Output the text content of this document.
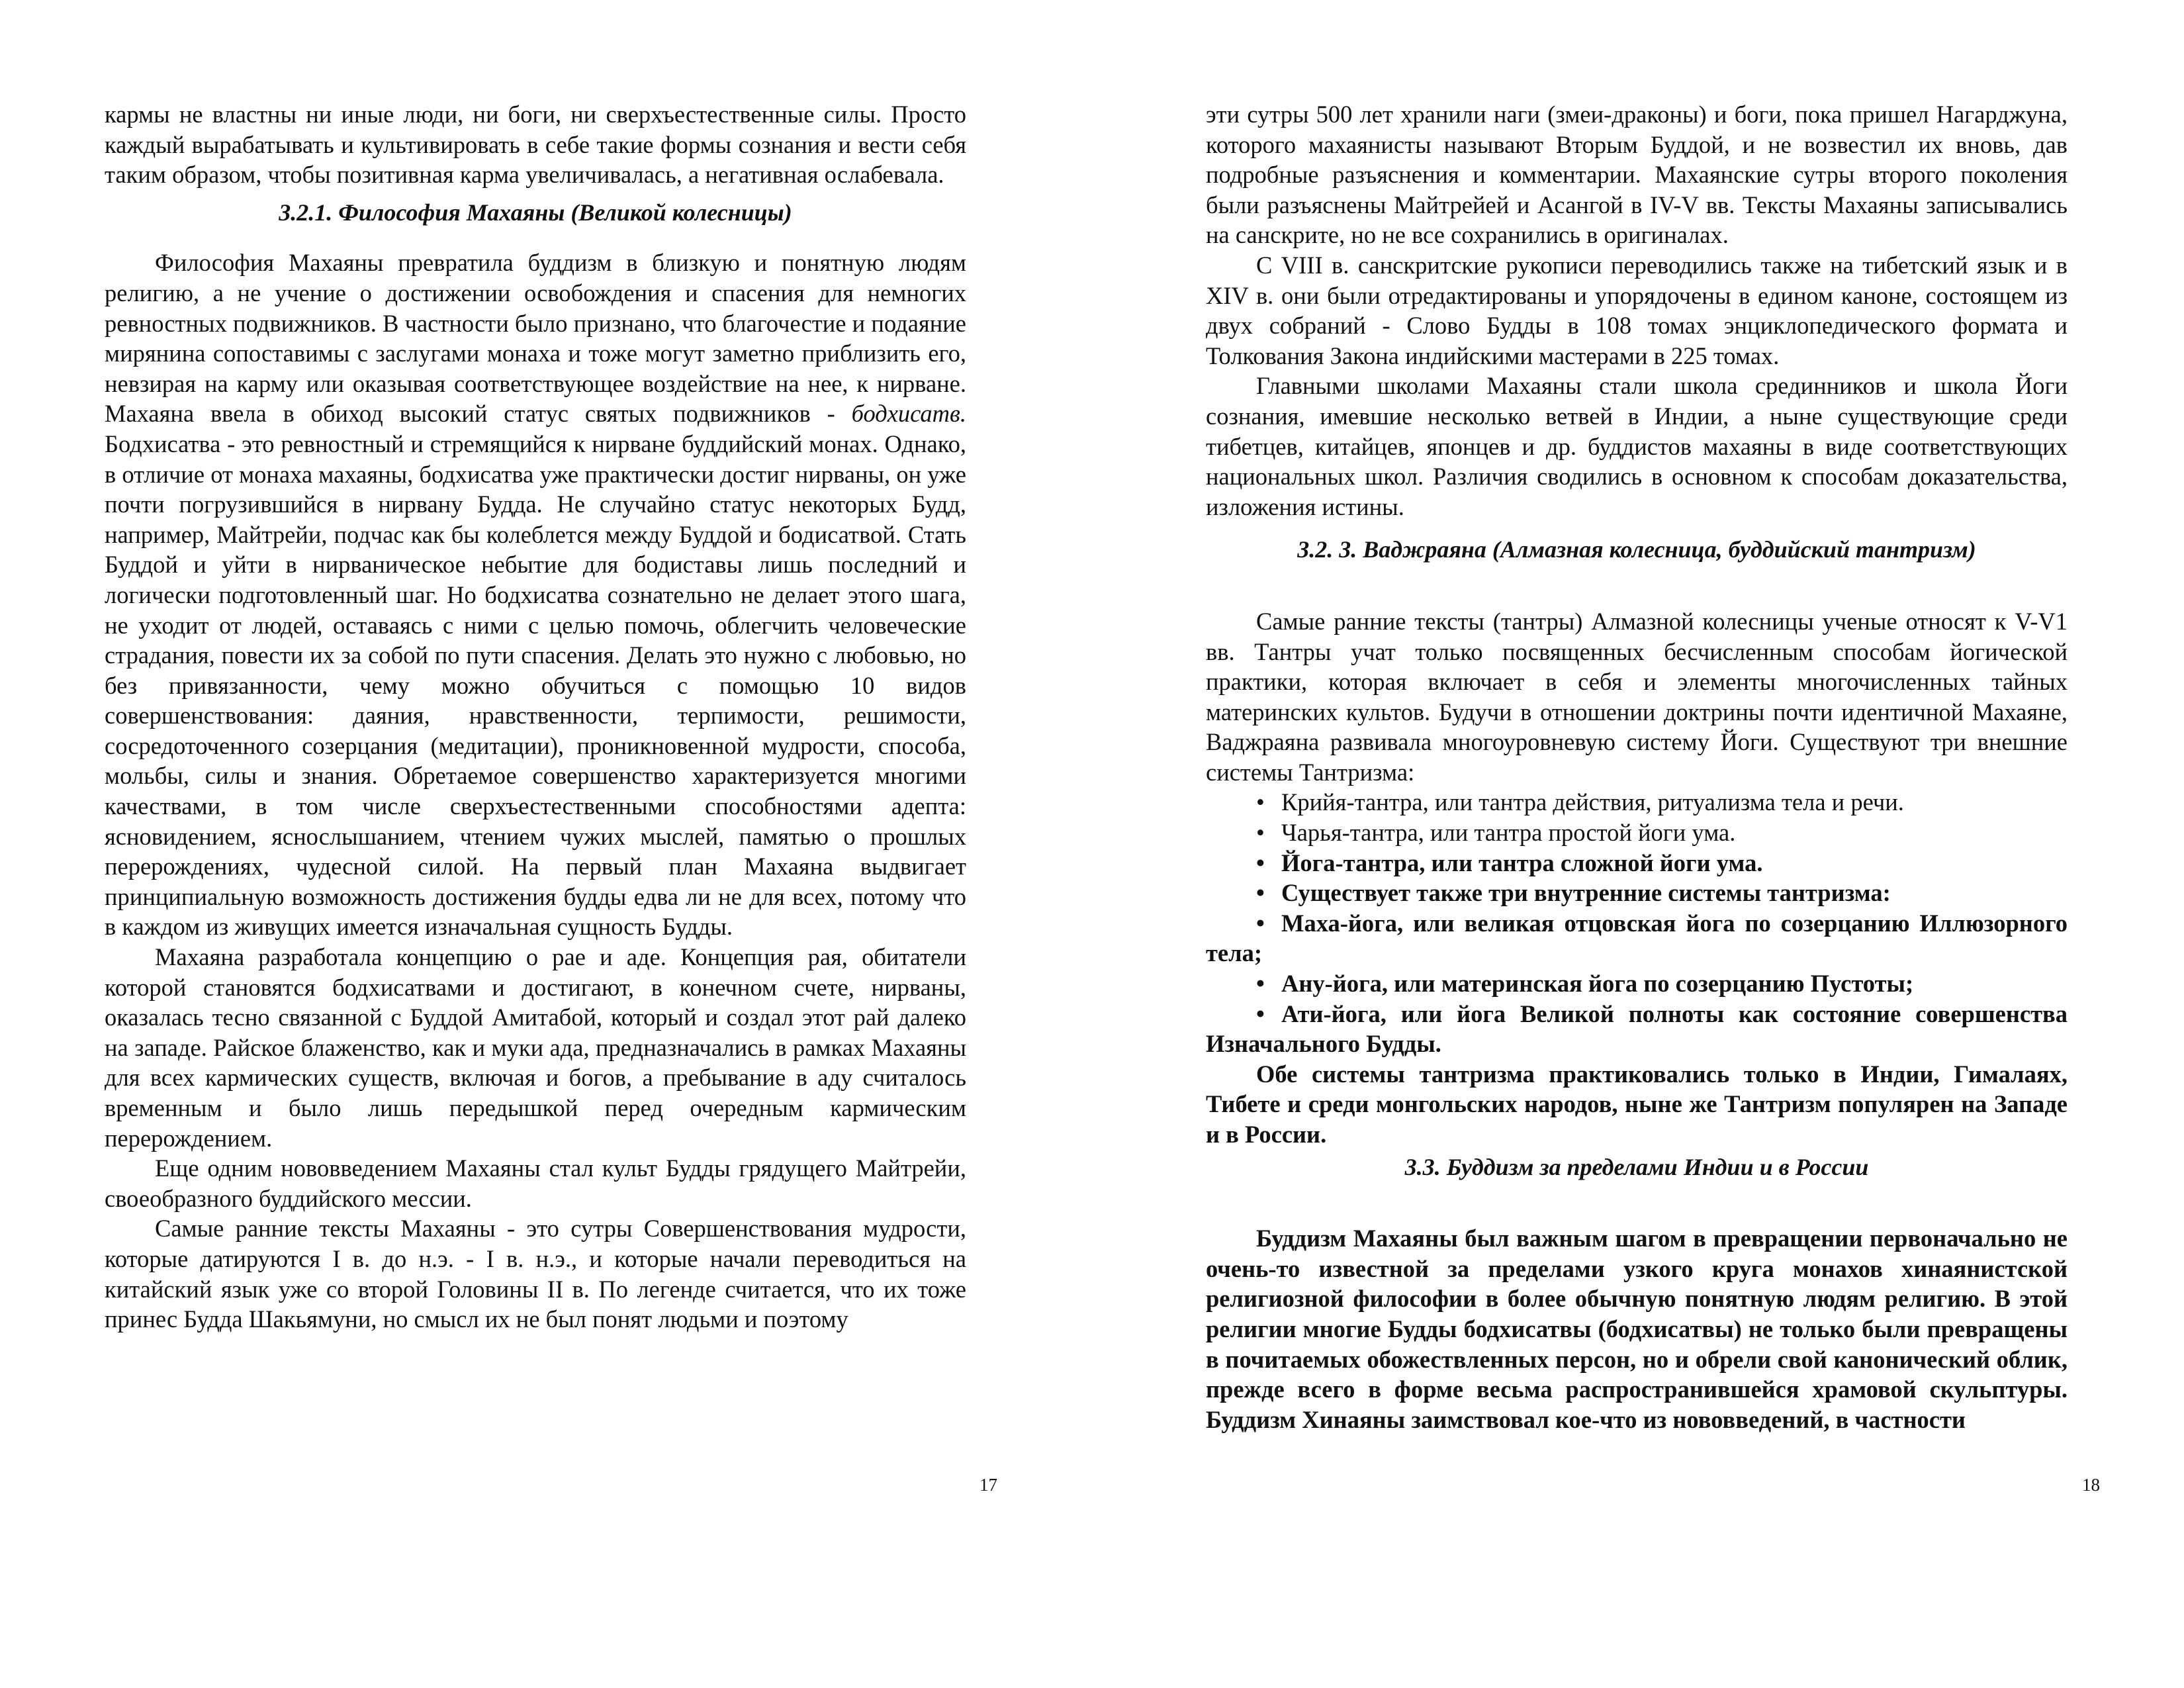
кармы не властны ни иные люди, ни боги, ни сверхъестественные силы. Просто каждый вырабатывать и культивировать в себе такие формы сознания и вести себя таким образом, чтобы позитивная карма увеличивалась, а негативная ослабевала.

3.2.1. Философия Махаяны (Великой колесницы)

Философия Махаяны превратила буддизм в близкую и понятную людям религию, а не учение о достижении освобождения и спасения для немногих ревностных подвижников. В частности было признано, что благочестие и подаяние мирянина сопоставимы с заслугами монаха и тоже могут заметно приблизить его, невзирая на карму или оказывая соответствующее воздействие на нее, к нирване. Махаяна ввела в обиход высокий статус святых подвижников - бодхисатв. Бодхисатва - это ревностный и стремящийся к нирване буддийский монах. Однако, в отличие от монаха махаяны, бодхисатва уже практически достиг нирваны, он уже почти погрузившийся в нирвану Будда. Не случайно статус некоторых Будд, например, Майтрейи, подчас как бы колеблется между Буддой и бодисатвой. Стать Буддой и уйти в нирваническое небытие для бодиставы лишь последний и логически подготовленный шаг. Но бодхисатва сознательно не делает этого шага, не уходит от людей, оставаясь с ними с целью помочь, облегчить человеческие страдания, повести их за собой по пути спасения. Делать это нужно с любовью, но без привязанности, чему можно обучиться с помощью 10 видов совершенствования: даяния, нравственности, терпимости, решимости, сосредоточенного созерцания (медитации), проникновенной мудрости, способа, мольбы, силы и знания. Обретаемое совершенство характеризуется многими качествами, в том числе сверхъестественными способностями адепта: ясновидением, яснослышанием, чтением чужих мыслей, памятью о прошлых перерождениях, чудесной силой. На первый план Махаяна выдвигает принципиальную возможность достижения будды едва ли не для всех, потому что в каждом из живущих имеется изначальная сущность Будды.

Махаяна разработала концепцию о рае и аде. Концепция рая, обитатели которой становятся бодхисатвами и достигают, в конечном счете, нирваны, оказалась тесно связанной с Буддой Амитабой, который и создал этот рай далеко на западе. Райское блаженство, как и муки ада, предназначались в рамках Махаяны для всех кармических существ, включая и богов, а пребывание в аду считалось временным и было лишь передышкой перед очередным кармическим перерождением.

Еще одним нововведением Махаяны стал культ Будды грядущего Майтрейи, своеобразного буддийского мессии.

Самые ранние тексты Махаяны - это сутры Совершенствования мудрости, которые датируются I в. до н.э. - I в. н.э., и которые начали переводиться на китайский язык уже со второй Головины II в. По легенде считается, что их тоже принес Будда Шакьямуни, но смысл их не был понят людьми и поэтому

17

эти сутры 500 лет хранили наги (змеи-драконы) и боги, пока пришел Нагарджуна, которого махаянисты называют Вторым Буддой, и не возвестил их вновь, дав подробные разъяснения и комментарии. Махаянские сутры второго поколения были разъяснены Майтрейей и Асангой в IV-V вв. Тексты Махаяны записывались на санскрите, но не все сохранились в оригиналах.

С VIII в. санскритские рукописи переводились также на тибетский язык и в XIV в. они были отредактированы и упорядочены в едином каноне, состоящем из двух собраний - Слово Будды в 108 томах энциклопедического формата и Толкования Закона индийскими мастерами в 225 томах.

Главными школами Махаяны стали школа срединников и школа Йоги сознания, имевшие несколько ветвей в Индии, а ныне существующие среди тибетцев, китайцев, японцев и др. буддистов махаяны в виде соответствующих национальных школ. Различия сводились в основном к способам доказательства, изложения истины.

3.2. 3. Ваджраяна (Алмазная колесница, буддийский тантризм)

Самые ранние тексты (тантры) Алмазной колесницы ученые относят к V-V1 вв. Тантры учат только посвященных бесчисленным способам йогической практики, которая включает в себя и элементы многочисленных тайных материнских культов. Будучи в отношении доктрины почти идентичной Махаяне, Ваджраяна развивала многоуровневую систему Йоги. Существуют три внешние системы Тантризма:

• Крийя-тантра, или тантра действия, ритуализма тела и речи.
• Чарья-тантра, или тантра простой йоги ума.
• Йога-тантра, или тантра сложной йоги ума.
• Существует также три внутренние системы тантризма:
• Маха-йога, или великая отцовская йога по созерцанию Иллюзорного тела;
• Ану-йога, или материнская йога по созерцанию Пустоты;
• Ати-йога, или йога Великой полноты как состояние совершенства Изначального Будды.

Обе системы тантризма практиковались только в Индии, Гималаях, Тибете и среди монгольских народов, ныне же Тантризм популярен на Западе и в России.

3.3. Буддизм за пределами Индии и в России

Буддизм Махаяны был важным шагом в превращении первоначально не очень-то известной за пределами узкого круга монахов хинаянистской религиозной философии в более обычную понятную людям религию. В этой религии многие Будды бодхисатвы (бодхисатвы) не только были превращены в почитаемых обожествленных персон, но и обрели свой канонический облик, прежде всего в форме весьма распространившейся храмовой скульптуры. Буддизм Хинаяны заимствовал кое-что из нововведений, в частности

18
